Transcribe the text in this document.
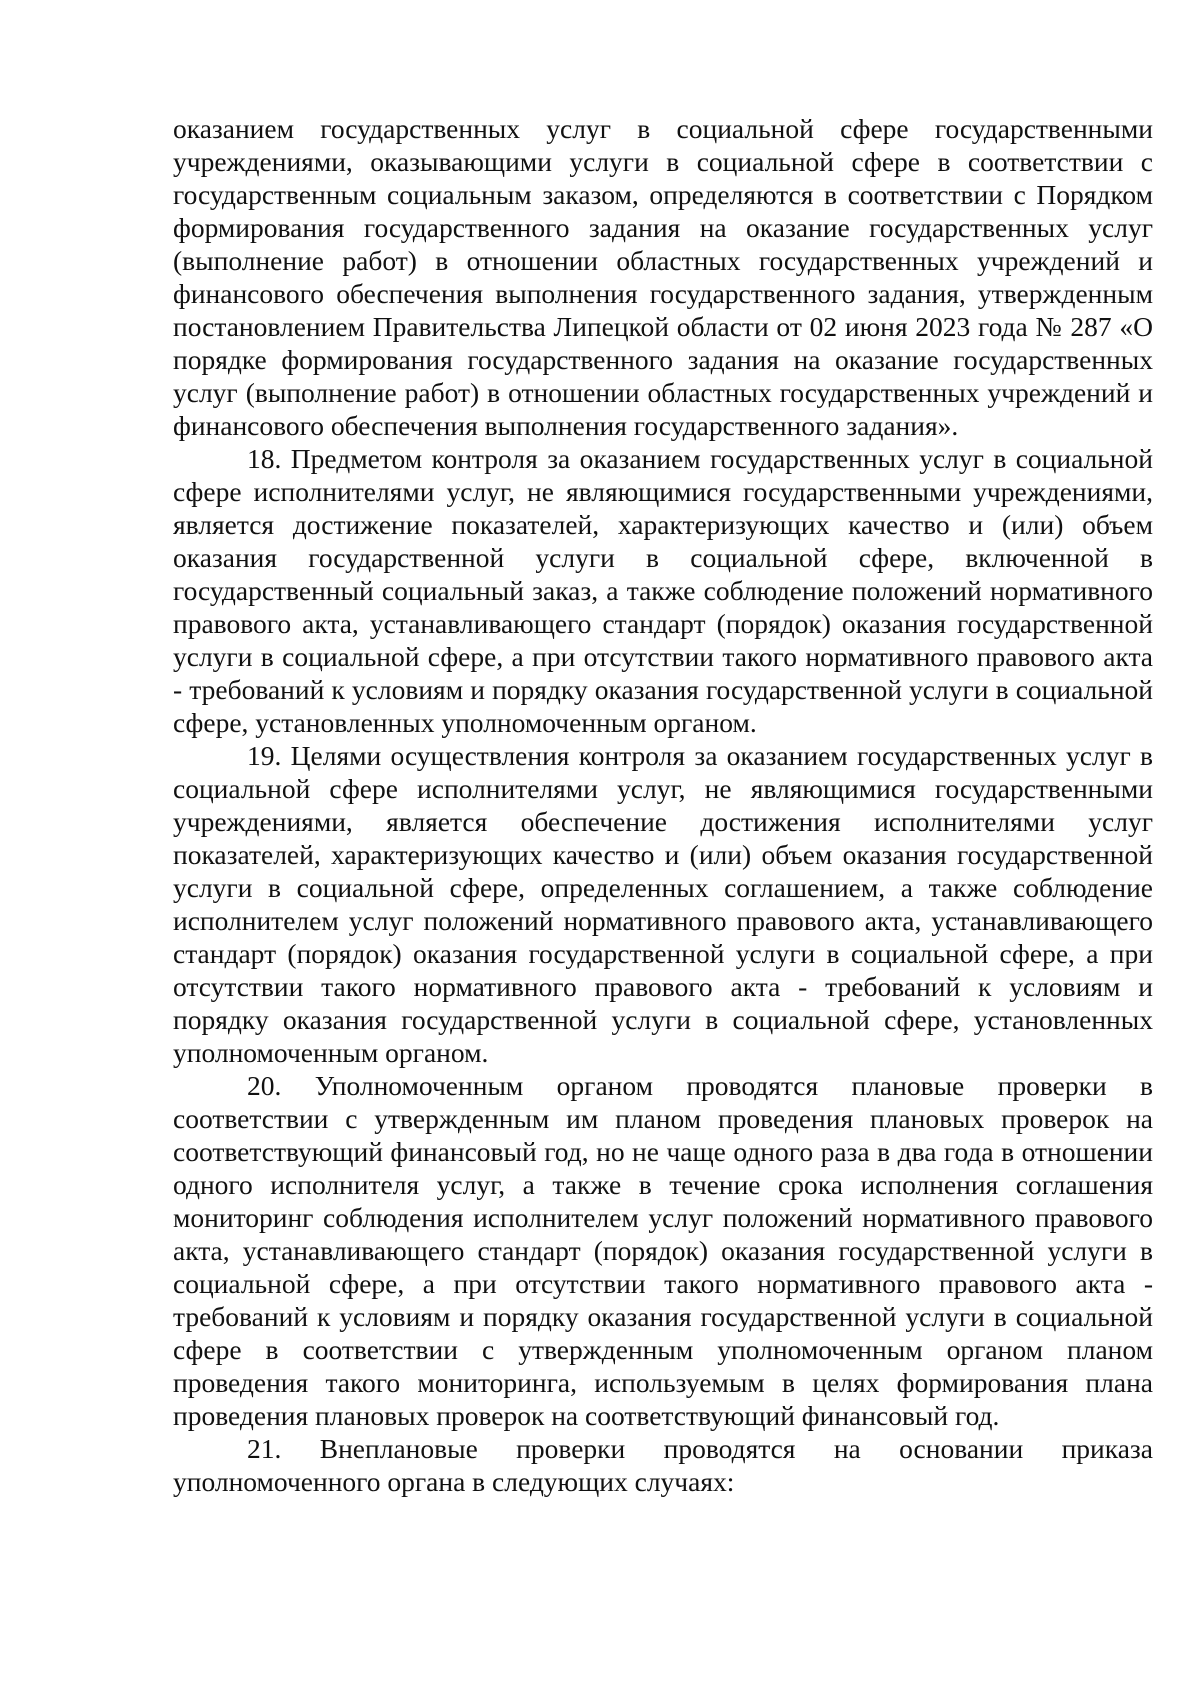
оказанием государственных услуг в социальной сфере государственными учреждениями, оказывающими услуги в социальной сфере в соответствии с государственным социальным заказом, определяются в соответствии с Порядком формирования государственного задания на оказание государственных услуг (выполнение работ) в отношении областных государственных учреждений и финансового обеспечения выполнения государственного задания, утвержденным постановлением Правительства Липецкой области от 02 июня 2023 года № 287 «О порядке формирования государственного задания на оказание государственных услуг (выполнение работ) в отношении областных государственных учреждений и финансового обеспечения выполнения государственного задания».

18. Предметом контроля за оказанием государственных услуг в социальной сфере исполнителями услуг, не являющимися государственными учреждениями, является достижение показателей, характеризующих качество и (или) объем оказания государственной услуги в социальной сфере, включенной в государственный социальный заказ, а также соблюдение положений нормативного правового акта, устанавливающего стандарт (порядок) оказания государственной услуги в социальной сфере, а при отсутствии такого нормативного правового акта - требований к условиям и порядку оказания государственной услуги в социальной сфере, установленных уполномоченным органом.

19. Целями осуществления контроля за оказанием государственных услуг в социальной сфере исполнителями услуг, не являющимися государственными учреждениями, является обеспечение достижения исполнителями услуг показателей, характеризующих качество и (или) объем оказания государственной услуги в социальной сфере, определенных соглашением, а также соблюдение исполнителем услуг положений нормативного правового акта, устанавливающего стандарт (порядок) оказания государственной услуги в социальной сфере, а при отсутствии такого нормативного правового акта - требований к условиям и порядку оказания государственной услуги в социальной сфере, установленных уполномоченным органом.

20. Уполномоченным органом проводятся плановые проверки в соответствии с утвержденным им планом проведения плановых проверок на соответствующий финансовый год, но не чаще одного раза в два года в отношении одного исполнителя услуг, а также в течение срока исполнения соглашения мониторинг соблюдения исполнителем услуг положений нормативного правового акта, устанавливающего стандарт (порядок) оказания государственной услуги в социальной сфере, а при отсутствии такого нормативного правового акта - требований к условиям и порядку оказания государственной услуги в социальной сфере в соответствии с утвержденным уполномоченным органом планом проведения такого мониторинга, используемым в целях формирования плана проведения плановых проверок на соответствующий финансовый год.

21. Внеплановые проверки проводятся на основании приказа уполномоченного органа в следующих случаях:
